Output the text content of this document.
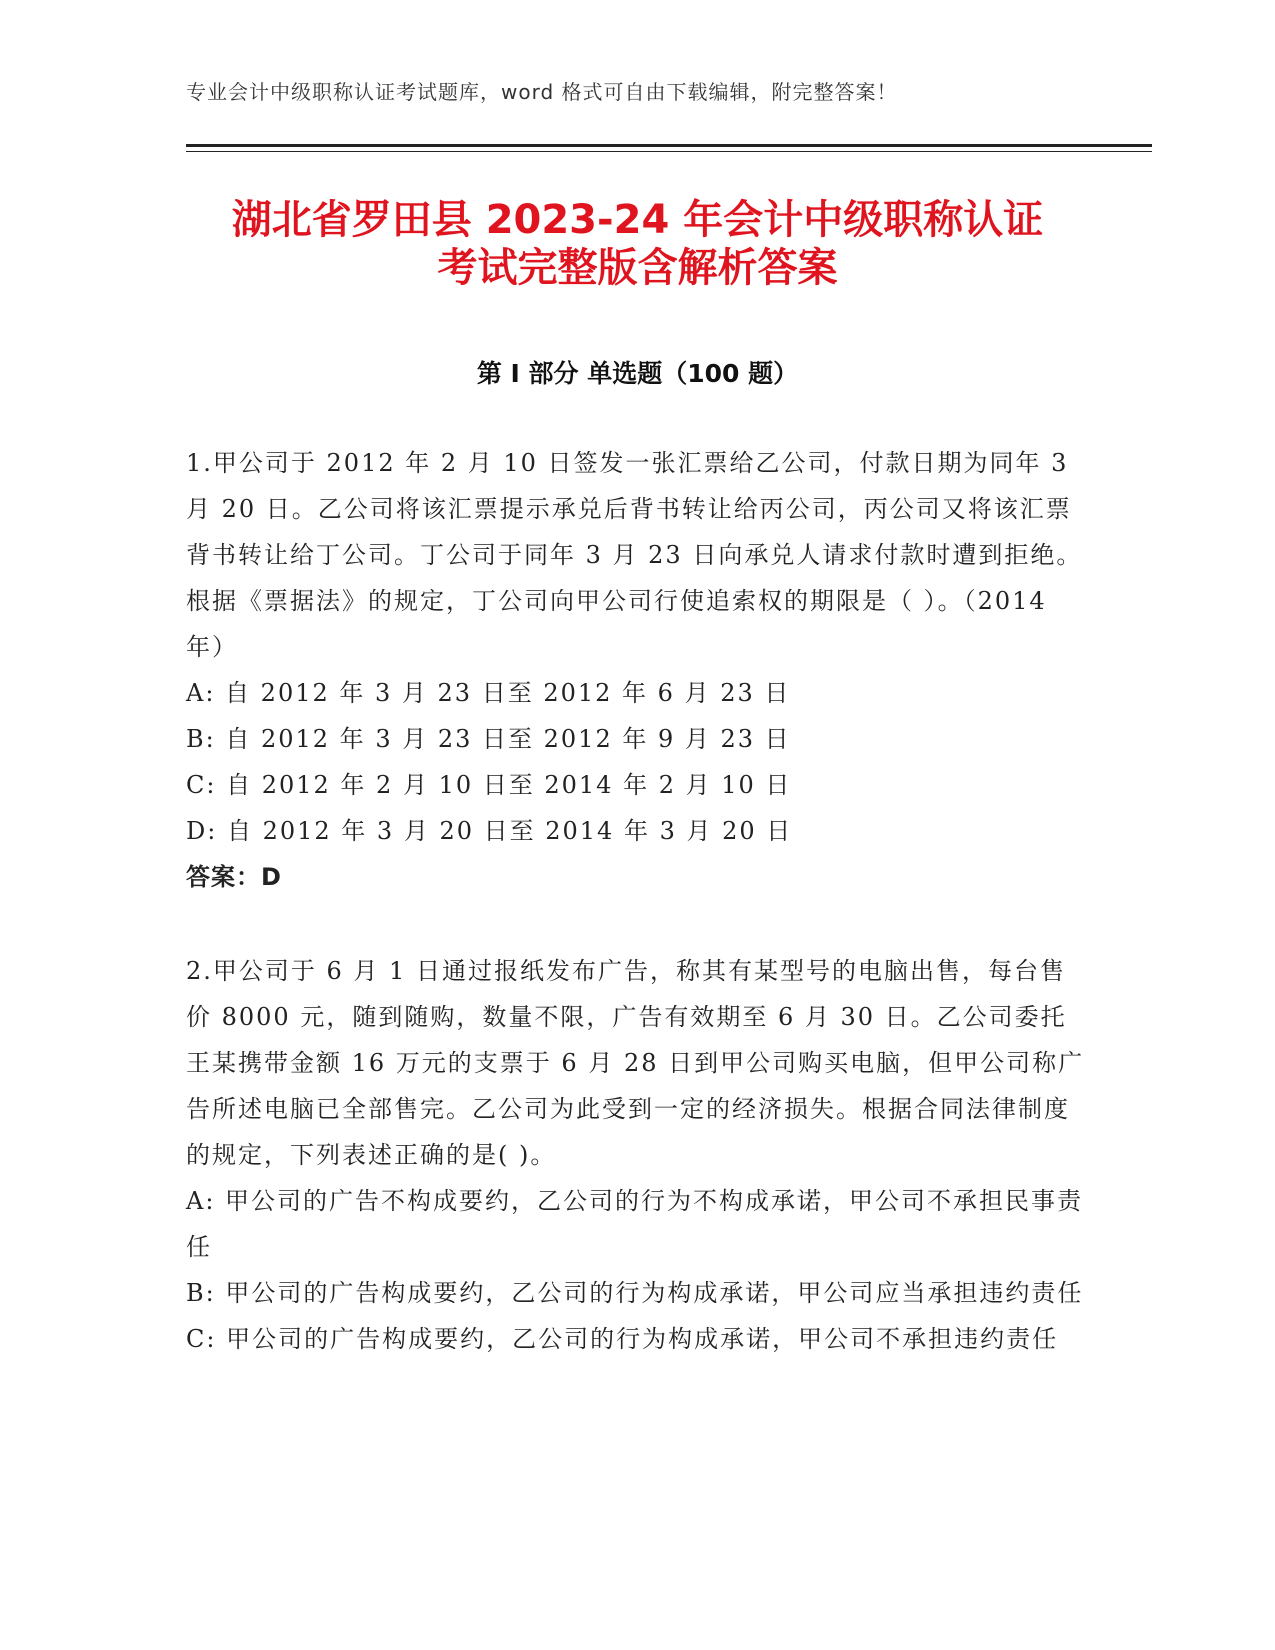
专业会计中级职称认证考试题库，word 格式可自由下载编辑，附完整答案！
湖北省罗田县 2023-24 年会计中级职称认证
考试完整版含解析答案
第 I 部分 单选题（100 题）

1.甲公司于 2012 年 2 月 10 日签发一张汇票给乙公司，付款日期为同年 3 月 20 日。乙公司将该汇票提示承兑后背书转让给丙公司，丙公司又将该汇票背书转让给丁公司。丁公司于同年 3 月 23 日向承兑人请求付款时遭到拒绝。根据《票据法》的规定，丁公司向甲公司行使追索权的期限是（ ）。（2014 年）

A: 自 2012 年 3 月 23 日至 2012 年 6 月 23 日

B: 自 2012 年 3 月 23 日至 2012 年 9 月 23 日

C: 自 2012 年 2 月 10 日至 2014 年 2 月 10 日

D: 自 2012 年 3 月 20 日至 2014 年 3 月 20 日

答案：D

2.甲公司于 6 月 1 日通过报纸发布广告，称其有某型号的电脑出售，每台售价 8000 元，随到随购，数量不限，广告有效期至 6 月 30 日。乙公司委托王某携带金额 16 万元的支票于 6 月 28 日到甲公司购买电脑，但甲公司称广告所述电脑已全部售完。乙公司为此受到一定的经济损失。根据合同法律制度的规定，下列表述正确的是( )。

A: 甲公司的广告不构成要约，乙公司的行为不构成承诺，甲公司不承担民事责任

B: 甲公司的广告构成要约，乙公司的行为构成承诺，甲公司应当承担违约责任

C: 甲公司的广告构成要约，乙公司的行为构成承诺，甲公司不承担违约责任
